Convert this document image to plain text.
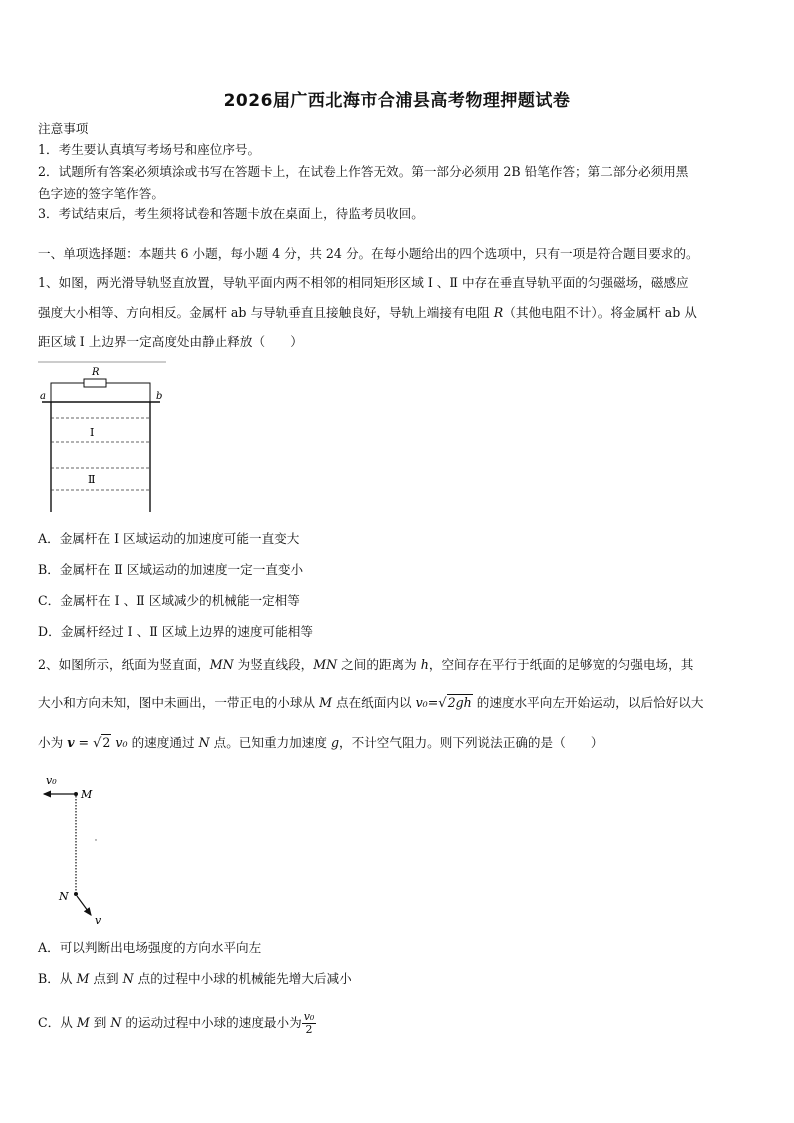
2026届广西北海市合浦县高考物理押题试卷
注意事项
1．考生要认真填写考场号和座位序号。
2．试题所有答案必须填涂或书写在答题卡上，在试卷上作答无效。第一部分必须用 2B 铅笔作答；第二部分必须用黑
色字迹的签字笔作答。
3．考试结束后，考生须将试卷和答题卡放在桌面上，待监考员收回。
一、单项选择题：本题共 6 小题，每小题 4 分，共 24 分。在每小题给出的四个选项中，只有一项是符合题目要求的。
1、如图，两光滑导轨竖直放置，导轨平面内两不相邻的相同矩形区域 Ⅰ 、Ⅱ 中存在垂直导轨平面的匀强磁场，磁感应
强度大小相等、方向相反。金属杆 ab 与导轨垂直且接触良好，导轨上端接有电阻 R（其他电阻不计）。将金属杆 ab 从
距区域 Ⅰ 上边界一定高度处由静止释放（　　）
R
a	b
Ⅰ
Ⅱ
A．金属杆在 Ⅰ 区域运动的加速度可能一直变大
B．金属杆在 Ⅱ 区域运动的加速度一定一直变小
C．金属杆在 Ⅰ 、Ⅱ 区域减少的机械能一定相等
D．金属杆经过 Ⅰ 、Ⅱ 区域上边界的速度可能相等
2、如图所示，纸面为竖直面，MN 为竖直线段，MN 之间的距离为 h，空间存在平行于纸面的足够宽的匀强电场，其
大小和方向未知，图中未画出，一带正电的小球从 M 点在纸面内以 v₀=√2gh 的速度水平向左开始运动，以后恰好以大
小为 v = √2 v₀ 的速度通过 N 点。已知重力加速度 g，不计空气阻力。则下列说法正确的是（　　）
v₀
M
N
v
A．可以判断出电场强度的方向水平向左
B．从 M 点到 N 点的过程中小球的机械能先增大后减小
C．从 M 到 N 的运动过程中小球的速度最小为 $\frac{\text{v₀}}{2}$
